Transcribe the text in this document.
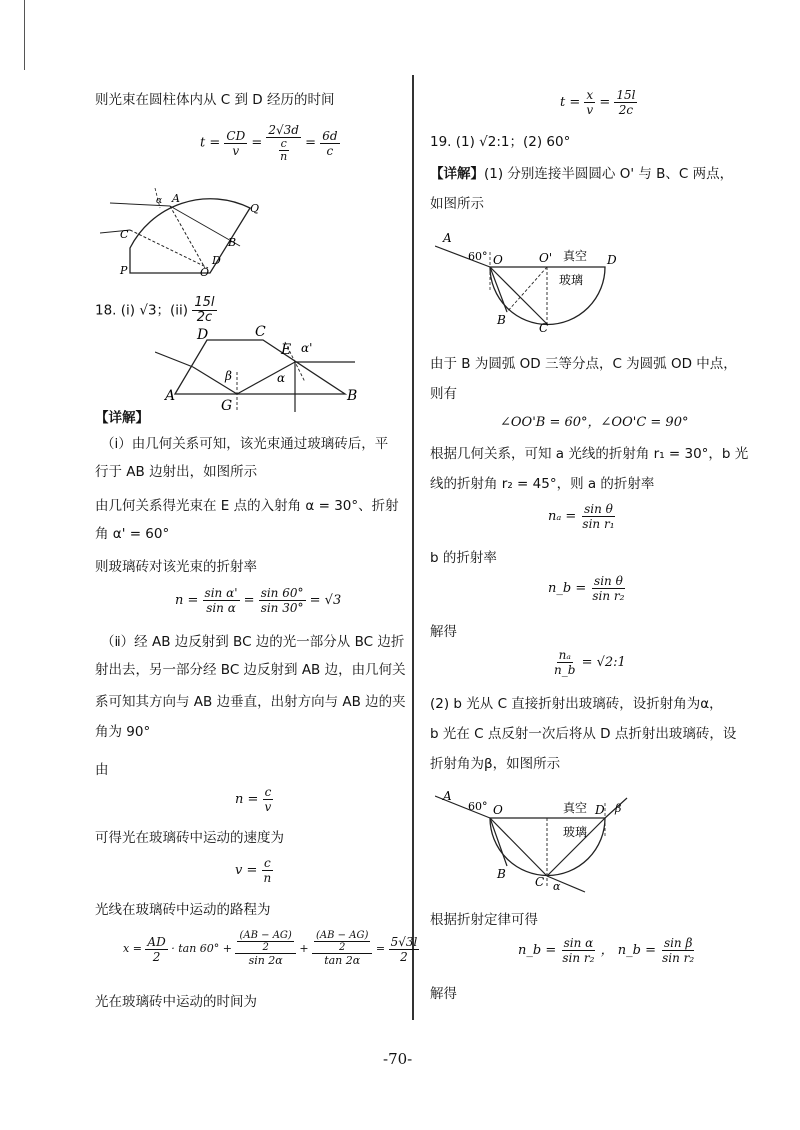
则光束在圆柱体内从 C 到 D 经历的时间
$t = \frac{CD}{v} = \frac{2√3d}{\frac{c}{n}} = \frac{6d}{c}$
α A
Q
C
B
P	O
D
18. (i) √3；$(ii) \frac{15l}{2c}$
D	C
E α'
β	α
A
G
B
【详解】
（ⅰ）由几何关系可知，该光束通过玻璃砖后，平
行于 AB 边射出，如图所示
由几何关系得光束在 E 点的入射角 α = 30°、折射
角 α' = 60°
则玻璃砖对该光束的折射率
$n = \frac{\text{sin α'}}{\text{sin α}} = \frac{\sin 60^\circ}{\sin 30^\circ} = √3$
（ⅱ）经 AB 边反射到 BC 边的光一部分从 BC 边折
射出去，另一部分经 BC 边反射到 AB 边，由几何关
系可知其方向与 AB 边垂直，出射方向与 AB 边的夹
角为 90°
由
$n = \frac{c}{v}$
可得光在玻璃砖中运动的速度为
$v = \frac{c}{n}$
光线在玻璃砖中运动的路程为
$x = \frac{AD}{2} \cdot \tan 60^\circ + \frac{\frac{(AB - AG)}{2}}{\sin 2\alpha} + \frac{\frac{(AB - AG)}{2}}{\tan 2\alpha} = \frac{5√3l}{2}$
光在玻璃砖中运动的时间为
$t = \frac{x}{v} = \frac{15l}{2c}$
19. (1) √2:1；(2) 60°
【详解】(1) 分别连接半圆圆心 O' 与 B、C 两点，
如图所示
A
60° O	O' 真空 D
玻璃
B
C
由于 B 为圆弧 OD 三等分点，C 为圆弧 OD 中点，
则有
∠OO'B = 60°，∠OO'C = 90°
根据几何关系，可知 a 光线的折射角 r₁ = 30°，b 光
线的折射角 r₂ = 45°，则 a 的折射率
$n_a = \frac{\text{sin θ}}{\text{sin r₁}}$
b 的折射率
n_b = $\frac{\text{sin θ}}{\text{sin r₂}}$
解得
$\frac{\text{nₐ}}{n\_b}$ = √2:1
(2) b 光从 C 直接折射出玻璃砖，设折射角为α，
b 光在 C 点反射一次后将从 D 点折射出玻璃砖，设
折射角为β，如图所示
A
60° O	真空 D β
玻璃
B
C α
根据折射定律可得
n_b = $\frac{\text{sin α}}{\text{sin r₂}}$ ， n_b = $\frac{\text{sin β}}{\text{sin r₂}}$
解得
-70-
